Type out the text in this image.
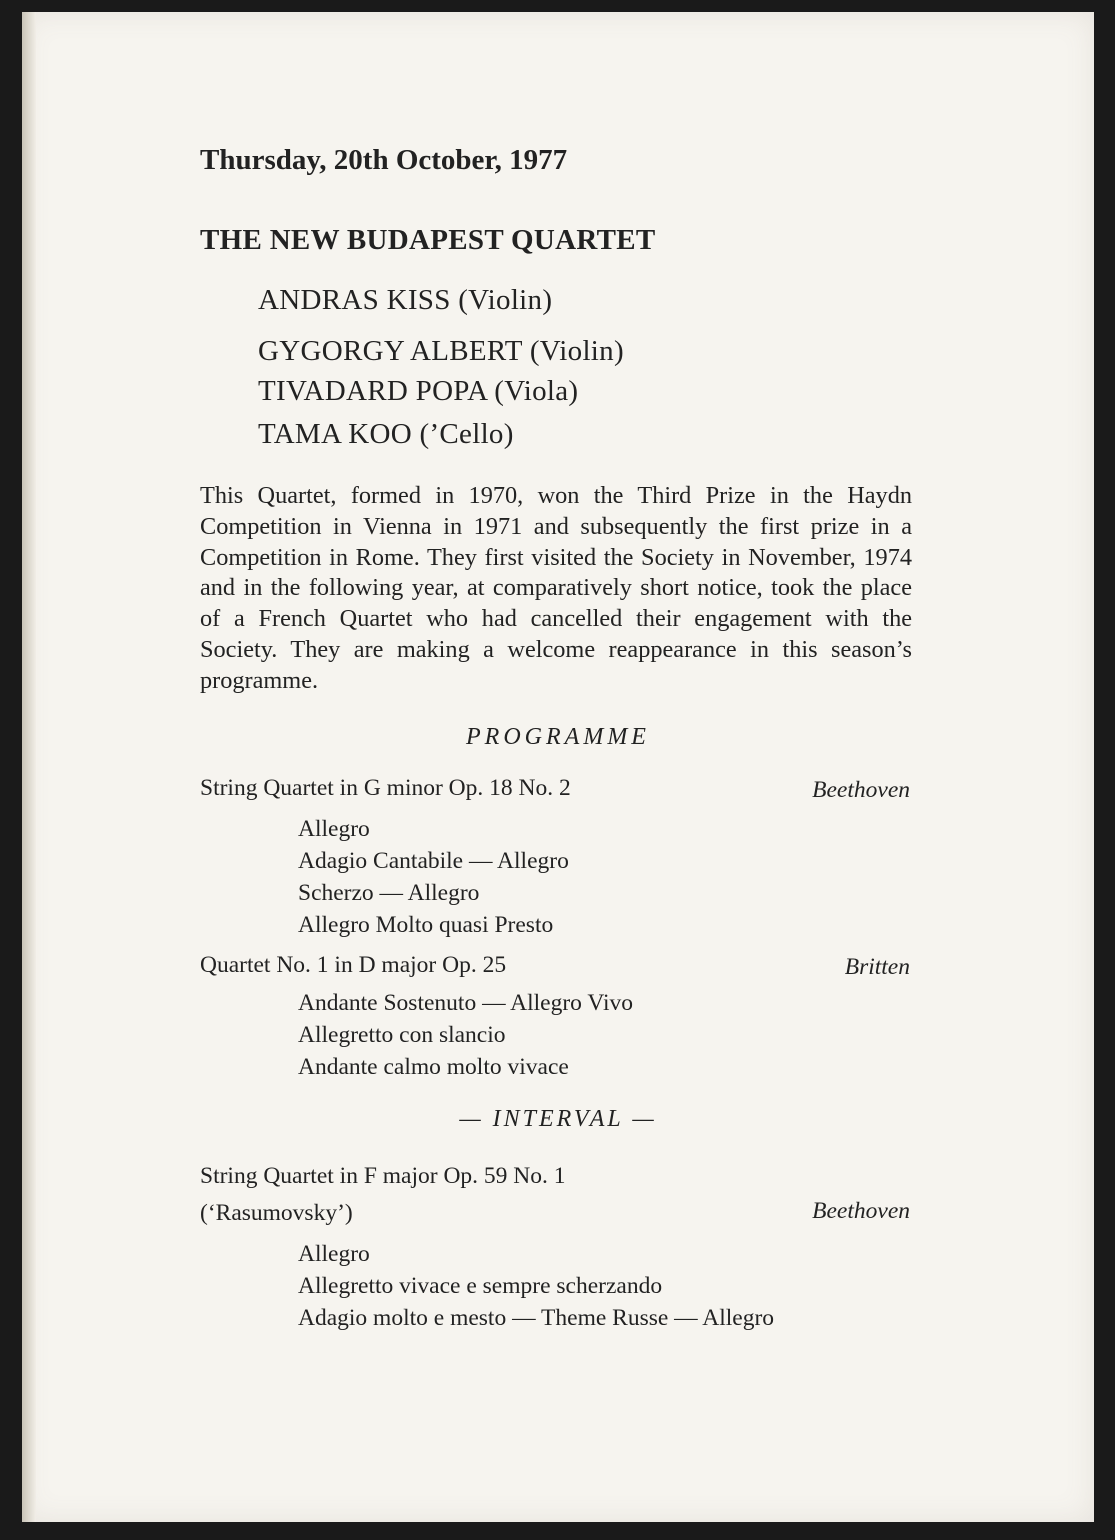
Thursday, 20th October, 1977
THE NEW BUDAPEST QUARTET
ANDRAS KISS (Violin)
GYGORGY ALBERT (Violin)
TIVADARD POPA (Viola)
TAMA KOO (’Cello)

This Quartet, formed in 1970, won the Third Prize in the Haydn Competition in Vienna in 1971 and subsequently the first prize in a Competition in Rome. They first visited the Society in November, 1974 and in the following year, at comparatively short notice, took the place of a French Quartet who had cancelled their engagement with the Society. They are making a welcome reappearance in this season’s programme.

PROGRAMME
String Quartet in G minor Op. 18 No. 2	Beethoven
Allegro
Adagio Cantabile — Allegro
Scherzo — Allegro
Allegro Molto quasi Presto
Quartet No. 1 in D major Op. 25	Britten
Andante Sostenuto — Allegro Vivo
Allegretto con slancio
Andante calmo molto vivace
— INTERVAL —
String Quartet in F major Op. 59 No. 1
(‘Rasumovsky’)	Beethoven
Allegro
Allegretto vivace e sempre scherzando
Adagio molto e mesto — Theme Russe — Allegro
